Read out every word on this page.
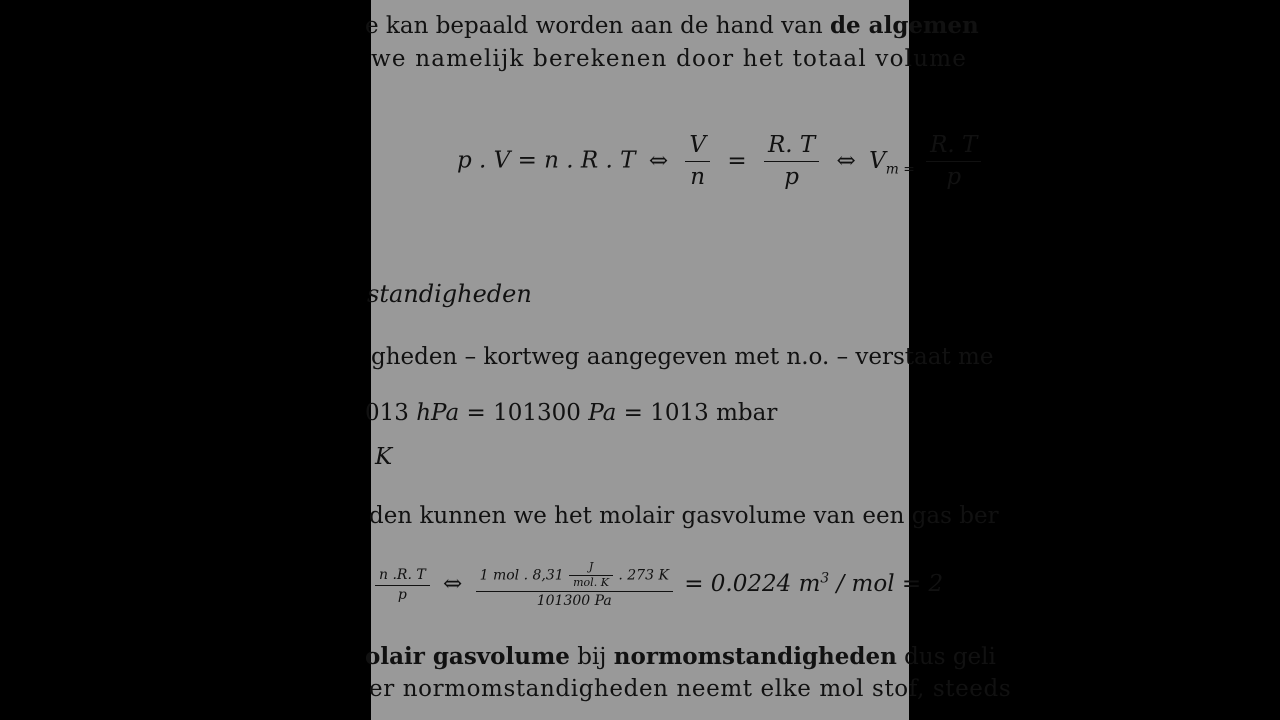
e kan bepaald worden aan de hand van de algemen
we namelijk berekenen door het totaal volume
p . V = n . R . T ⇔ $\frac{V}{n} = \frac{R. T}{p}$ ⇔ $V_{m =} \frac{R. T}{p}$
standigheden
gheden – kortweg aangegeven met n.o. – verstaat me
013 hPa = 101300 Pa = 1013 mbar
K
den kunnen we het molair gasvolume van een gas ber
$\frac{n .R. T}{p}$ ⇔ 1 mol . $8,31 \frac{J}{\text{mol. K}}$ . 273 K
101300 Pa
= 0.0224 $m^3$ / mol = 2
olair gasvolume bij normomstandigheden dus geli
er normomstandigheden neemt elke mol stof, steeds
